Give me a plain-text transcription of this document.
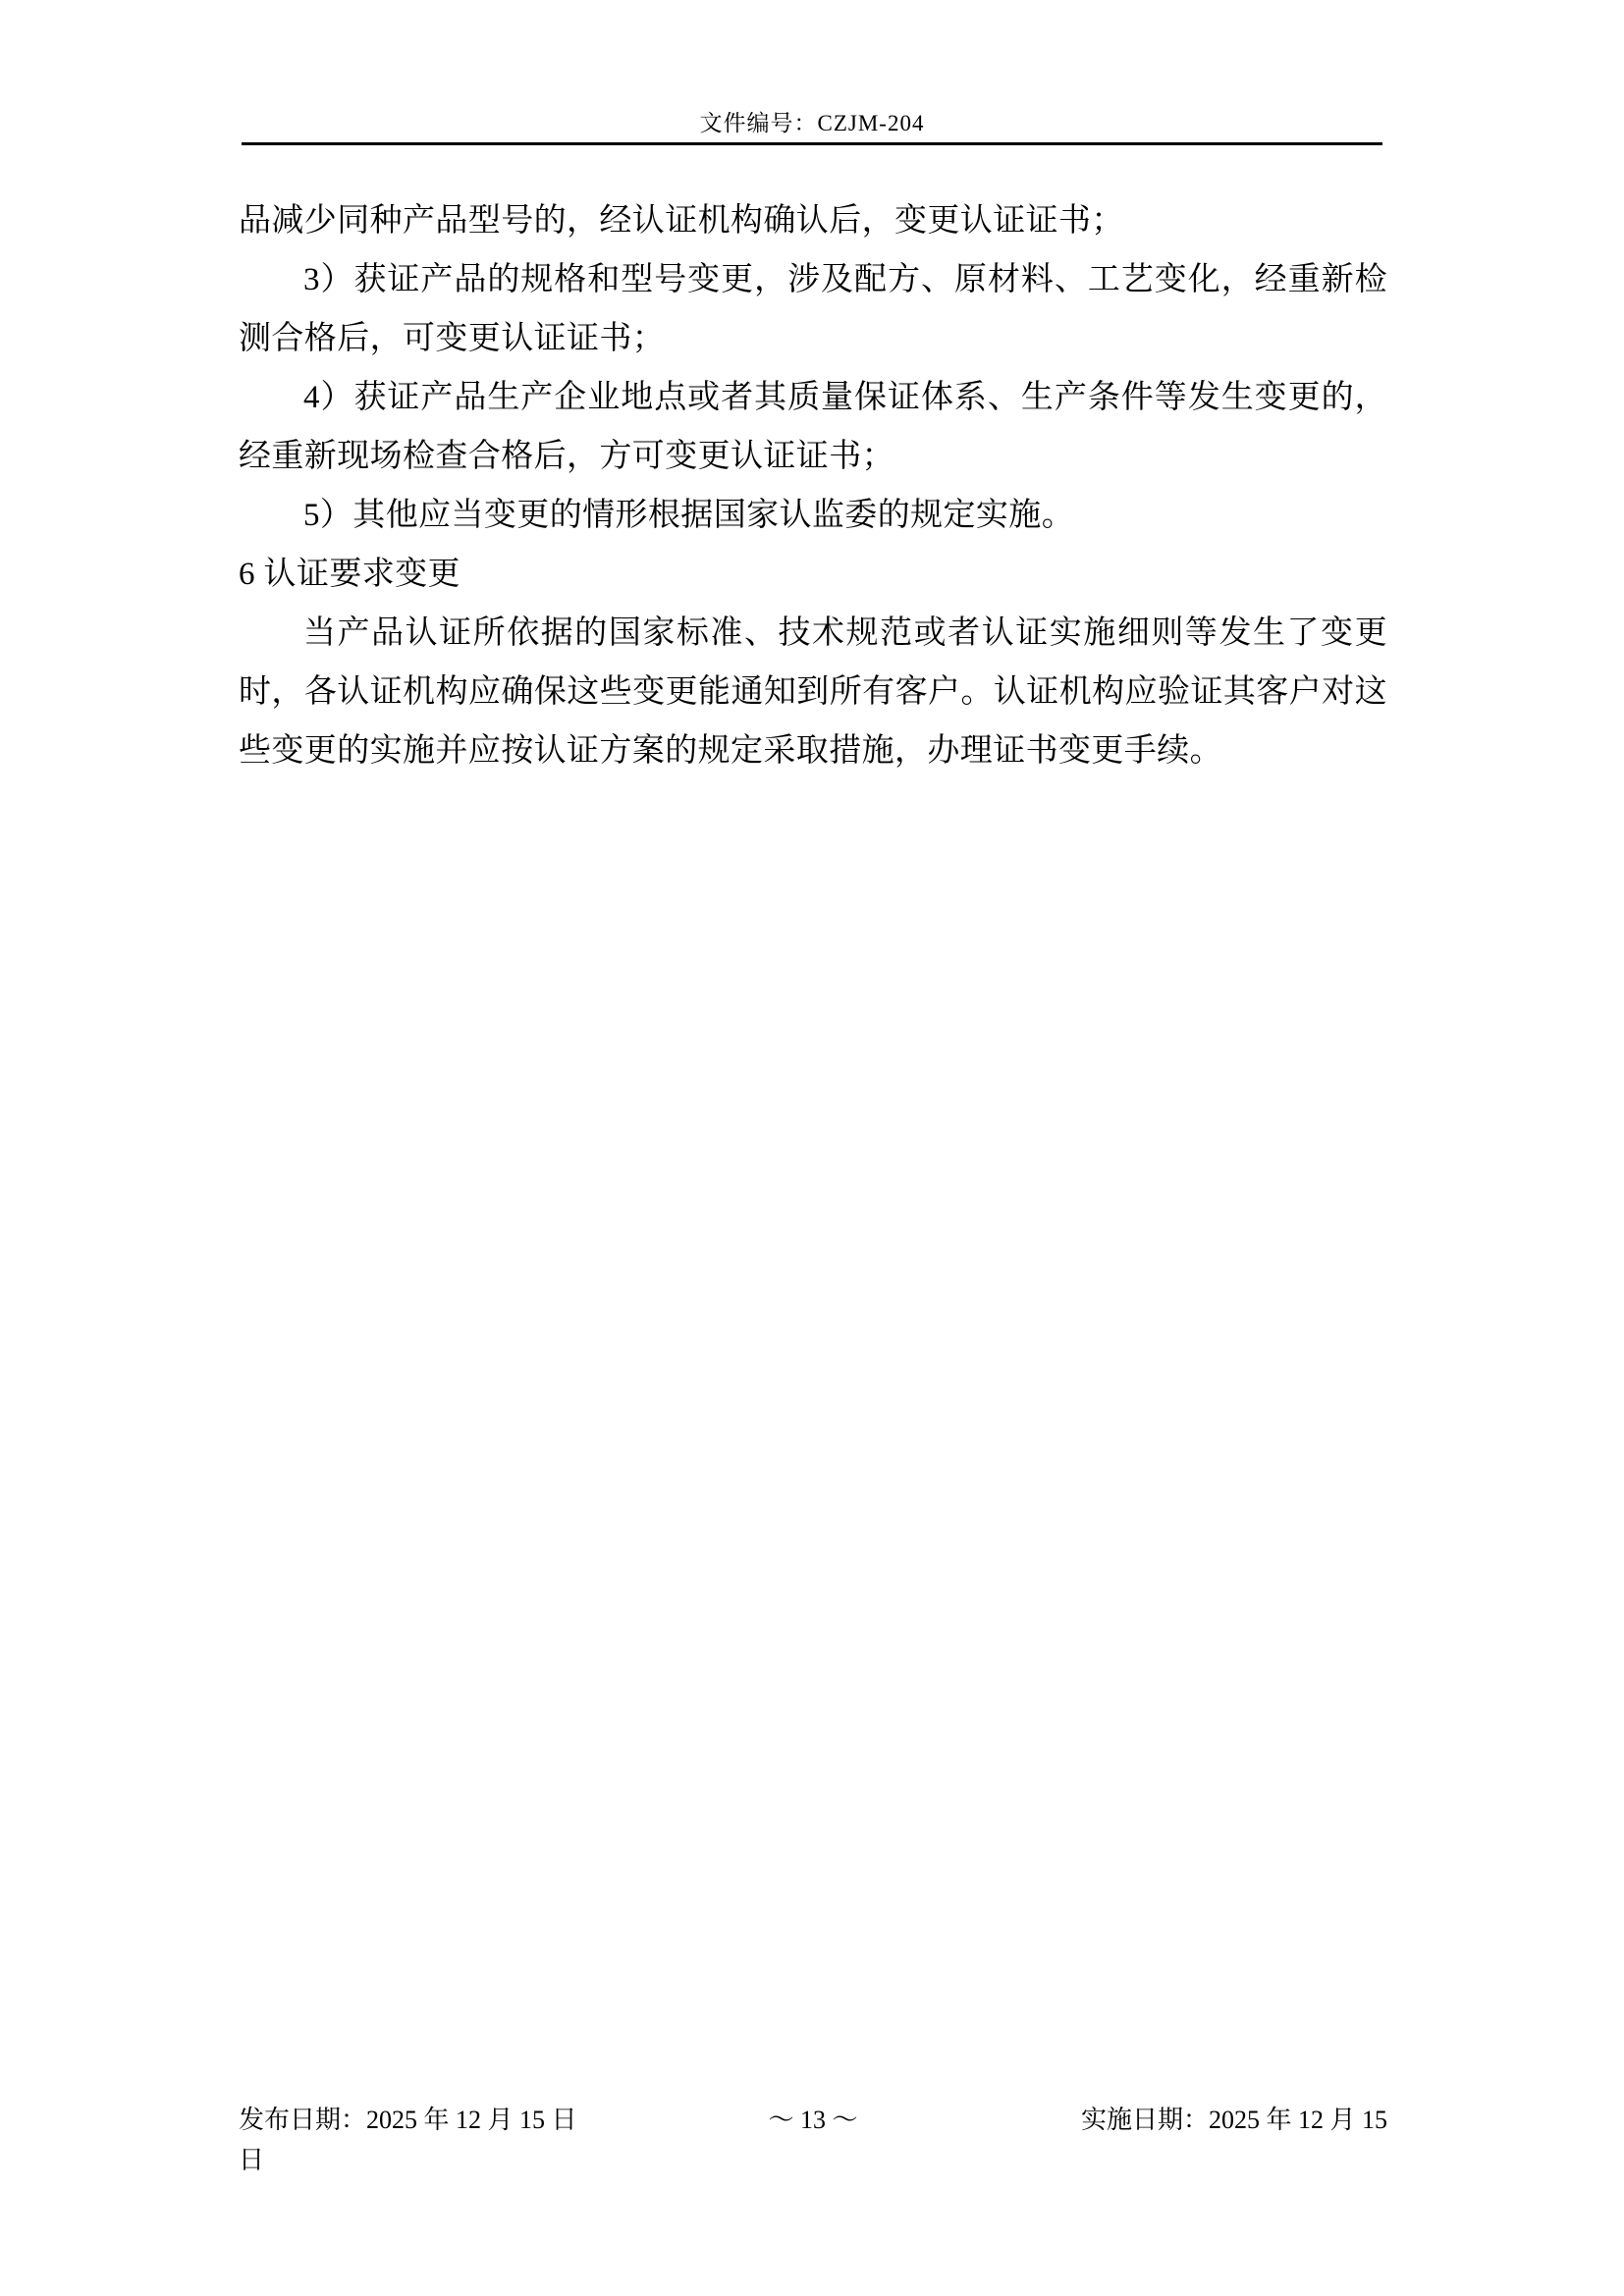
文件编号：CZJM-204

品减少同种产品型号的，经认证机构确认后，变更认证证书；

3）获证产品的规格和型号变更，涉及配方、原材料、工艺变化，经重新检测合格后，可变更认证证书；

4）获证产品生产企业地点或者其质量保证体系、生产条件等发生变更的，经重新现场检查合格后，方可变更认证证书；

5）其他应当变更的情形根据国家认监委的规定实施。

6 认证要求变更

当产品认证所依据的国家标准、技术规范或者认证实施细则等发生了变更时，各认证机构应确保这些变更能通知到所有客户。认证机构应验证其客户对这些变更的实施并应按认证方案的规定采取措施，办理证书变更手续。

发布日期：2025 年 12 月 15 日	～ 13 ～	实施日期：2025 年 12 月 15
日
